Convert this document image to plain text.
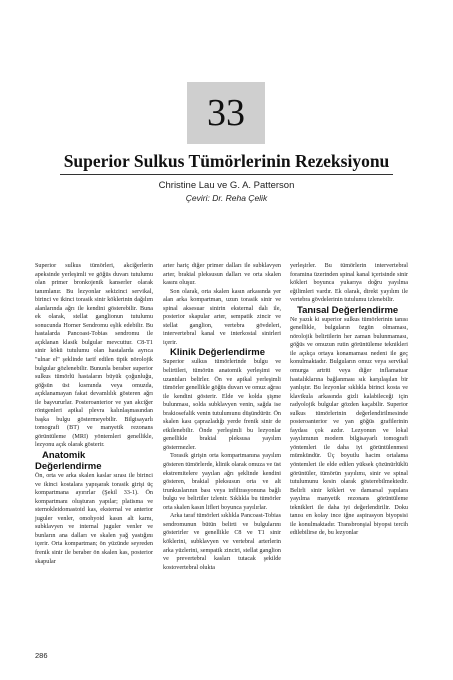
33
Superior Sulkus Tümörlerinin Rezeksiyonu
Christine Lau ve G. A. Patterson
Çeviri: Dr. Reha Çelik

Superior sulkus tümörleri, akciğerlerin apeksinde yerleşimli ve göğüs duvarı tutulumu olan primer bronkojenik kanserler olarak tanımlanır. Bu lezyonlar sekizinci servikal, birinci ve ikinci torasik sinir köklerinin dağılım alanlarında ağrı ile kendini gösterebilir. Buna ek olarak, stellat ganglionun tutulumu sonucunda Horner Sendromu eşlik edebilir. Bu hastalarda Pancoast-Tobias sendromu ile açıklanan klasik bulgular mevcuttur. C8-T1 sinir kökü tutulumu olan hastalarda ayrıca "ulnar el" şeklinde tarif edilen tipik nörolojik bulgular gözlenebilir. Bununla beraber superior sulkus tümörlü hastaların büyük çoğunluğu, göğsün üst kısmında veya omuzda, açıklanamayan fakat devamlılık gösteren ağrı ile başvururlar. Posteroanterior ve yan akciğer röntgenleri apikal plevra kalınlaşmasından başka bulgu göstermeyebilir. Bilgisayarlı tomografi (BT) ve manyetik rezonans görüntüleme (MRI) yöntemleri genellikle, lezyonu açık olarak gösterir.

Anatomik Değerlendirme

Ön, orta ve arka skalen kaslar sırası ile birinci ve ikinci kostalara yapışarak torasik girişi üç kompartmana ayırırlar (Şekil 33-1). Ön kompartmanı oluşturan yapılar; platisma ve sternokleidomastoid kas, eksternal ve anterior juguler venler, omohyoid kasın alt karnı, subklavyen ve internal juguler venler ve bunların ana dalları ve skalen yağ yastığını içerir. Orta kompartman; ön yüzünde seyreden frenik sinir ile beraber ön skalen kas, posterior skapular

arter hariç diğer primer dalları ile subklavyen arter, brakial pleksusun dalları ve orta skalen kasını oluşur.

Son olarak, orta skalen kasın arkasında yer alan arka kompartman, uzun torasik sinir ve spinal aksesuar sinirin eksternal dalı ile, posterior skapular arter, sempatik zincir ve stellat ganglion, vertebra gövdeleri, intervertebral kanal ve interkostal sinirleri içerir.

Klinik Değerlendirme

Superior sulkus tümörlerinde bulgu ve belirtileri, tümörün anatomik yerleşimi ve uzantıları belirler. Ön ve apikal yerleşimli tümörler genellikle göğüs duvarı ve omuz ağrısı ile kendini gösterir. Elde ve kolda şişme bulunması, solda subklavyen venin, sağda ise brakiosefalik venin tutulumunu düşündürür. Ön skalen kası çaprazladığı yerde frenik sinir de etkilenebilir. Önde yerleşimli bu lezyonlar genellikle brakial pleksusa yayılım göstermezler.

Torasik girişin orta kompartmanına yayılım gösteren tümörlerde, klinik olarak omuza ve üst ekstremitelere yayılan ağrı şeklinde kendini gösteren, brakial pleksusun orta ve alt trunkuslarının bası veya infiltrasyonuna bağlı bulgu ve belirtiler izlenir. Sıklıkla bu tümörler orta skalen kasın lifleri boyunca yayılırlar.

Arka taraf tümörleri sıklıkla Pancoast-Tobias sendromunun bütün belirti ve bulgularını gösterirler ve genellikle C8 ve T1 sinir köklerini, subklavyen ve vertebral arterlerin arka yüzlerini, sempatik zinciri, stellat ganglion ve prevertebral kasları tutacak şekilde kostovertebral olukta

yerleşirler. Bu tümörlerin intervertebral foramina üzerinden spinal kanal içerisinde sinir kökleri boyunca yukarıya doğru yayılma eğilimleri vardır. Ek olarak, direkt yayılım ile vertebra gövdelerinin tutulumu izlenebilir.

Tanısal Değerlendirme

Ne yazık ki superior sulkus tümörlerinin tanısı genellikle, bulguların özgün olmaması, nörolojik belirtilerin her zaman bulunmaması, göğüs ve omuzun rutin görüntüleme teknikleri ile açıkça ortaya konamaması nedeni ile geç konulmaktadır. Bulguların omuz veya servikal omurga artriti veya diğer inflamatuar hastalıklarına bağlanması sık karşılaşılan bir yanlıştır. Bu lezyonlar sıklıkla birinci kosta ve klavikula arkasında gizli kalabileceği için radyolojik bulgular gözden kaçabilir. Superior sulkus tümörlerinin değerlendirilmesinde posteroanterior ve yan göğüs grafilerinin faydası çok azdır. Lezyonun ve lokal yayılımının modern bilgisayarlı tomografi yöntemleri ile daha iyi görüntülenmesi mümkündür. Üç boyutlu hacim ortalama yöntemleri ile elde edilen yüksek çözünürlüklü görüntüler, tümörün yayılımı, sinir ve spinal tutulumunu kesin olarak gösterebilmektedir. Belirli sinir kökleri ve damarsal yapılara yayılma manyetik rezonans görüntüleme teknikleri ile daha iyi değerlendirilir. Doku tanısı en kolay ince iğne aspirasyon biyopsisi ile konulmaktadır. Transbronşial biyopsi tercih edilebilirse de, bu lezyonlar

286
